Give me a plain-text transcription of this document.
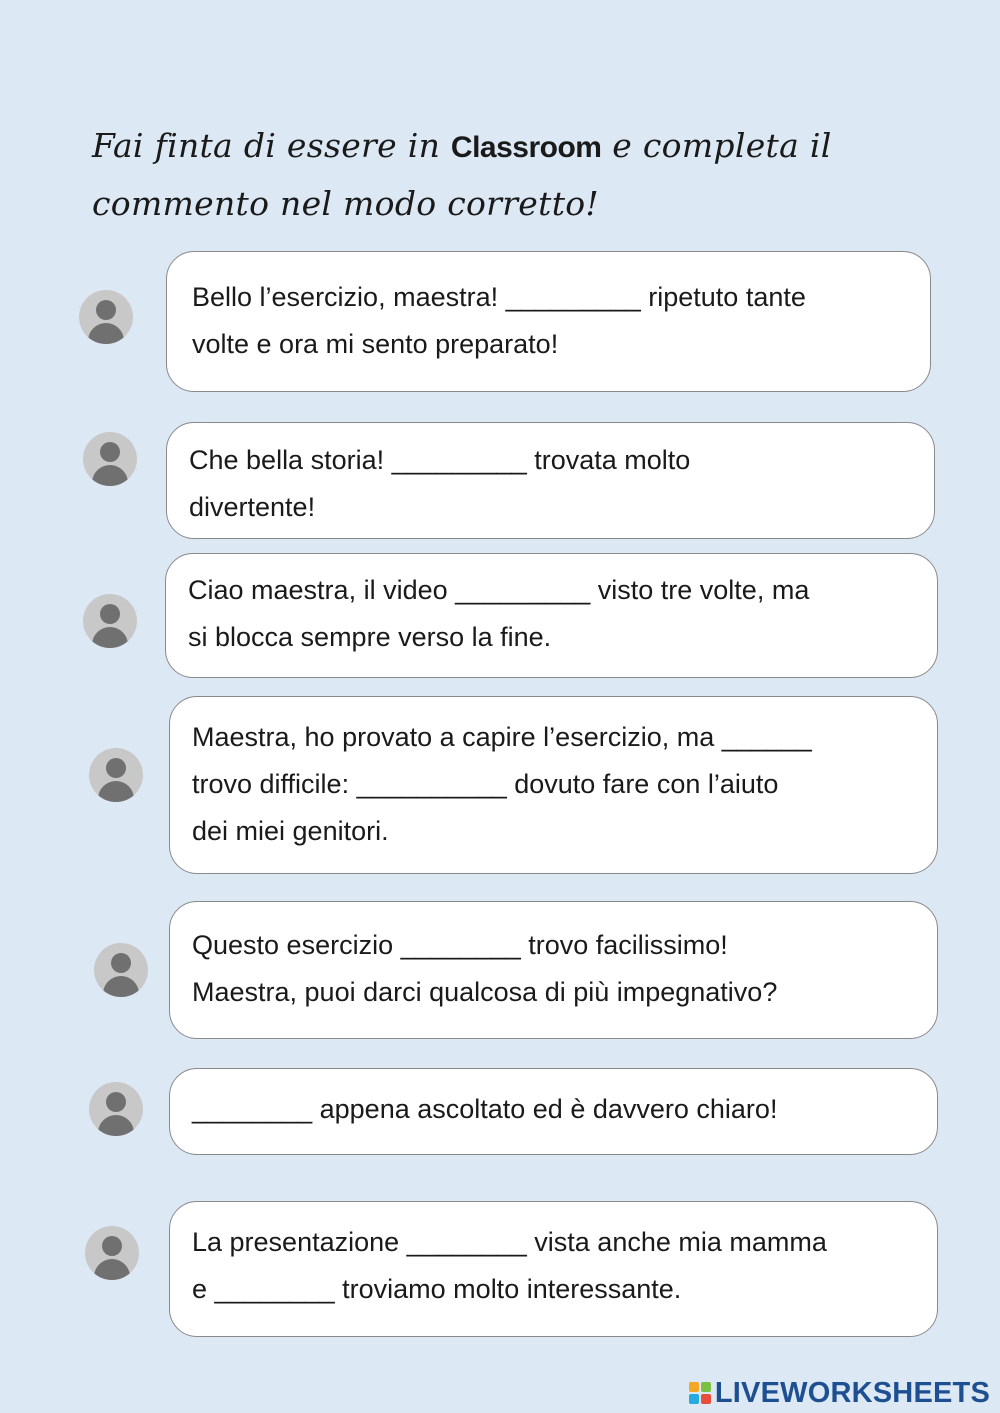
Fai finta di essere in Classroom e completa il commento nel modo corretto!
Bello l’esercizio, maestra! _________ ripetuto tante
volte e ora mi sento preparato!
Che bella storia! _________ trovata molto
divertente!
Ciao maestra, il video _________ visto tre volte, ma
si blocca sempre verso la fine.
Maestra, ho provato a capire l’esercizio, ma ______
trovo difficile: __________ dovuto fare con l’aiuto
dei miei genitori.
Questo esercizio ________ trovo facilissimo!
Maestra, puoi darci qualcosa di più impegnativo?
________ appena ascoltato ed è davvero chiaro!
La presentazione ________ vista anche mia mamma
e ________ troviamo molto interessante.
LIVEWORKSHEETS
